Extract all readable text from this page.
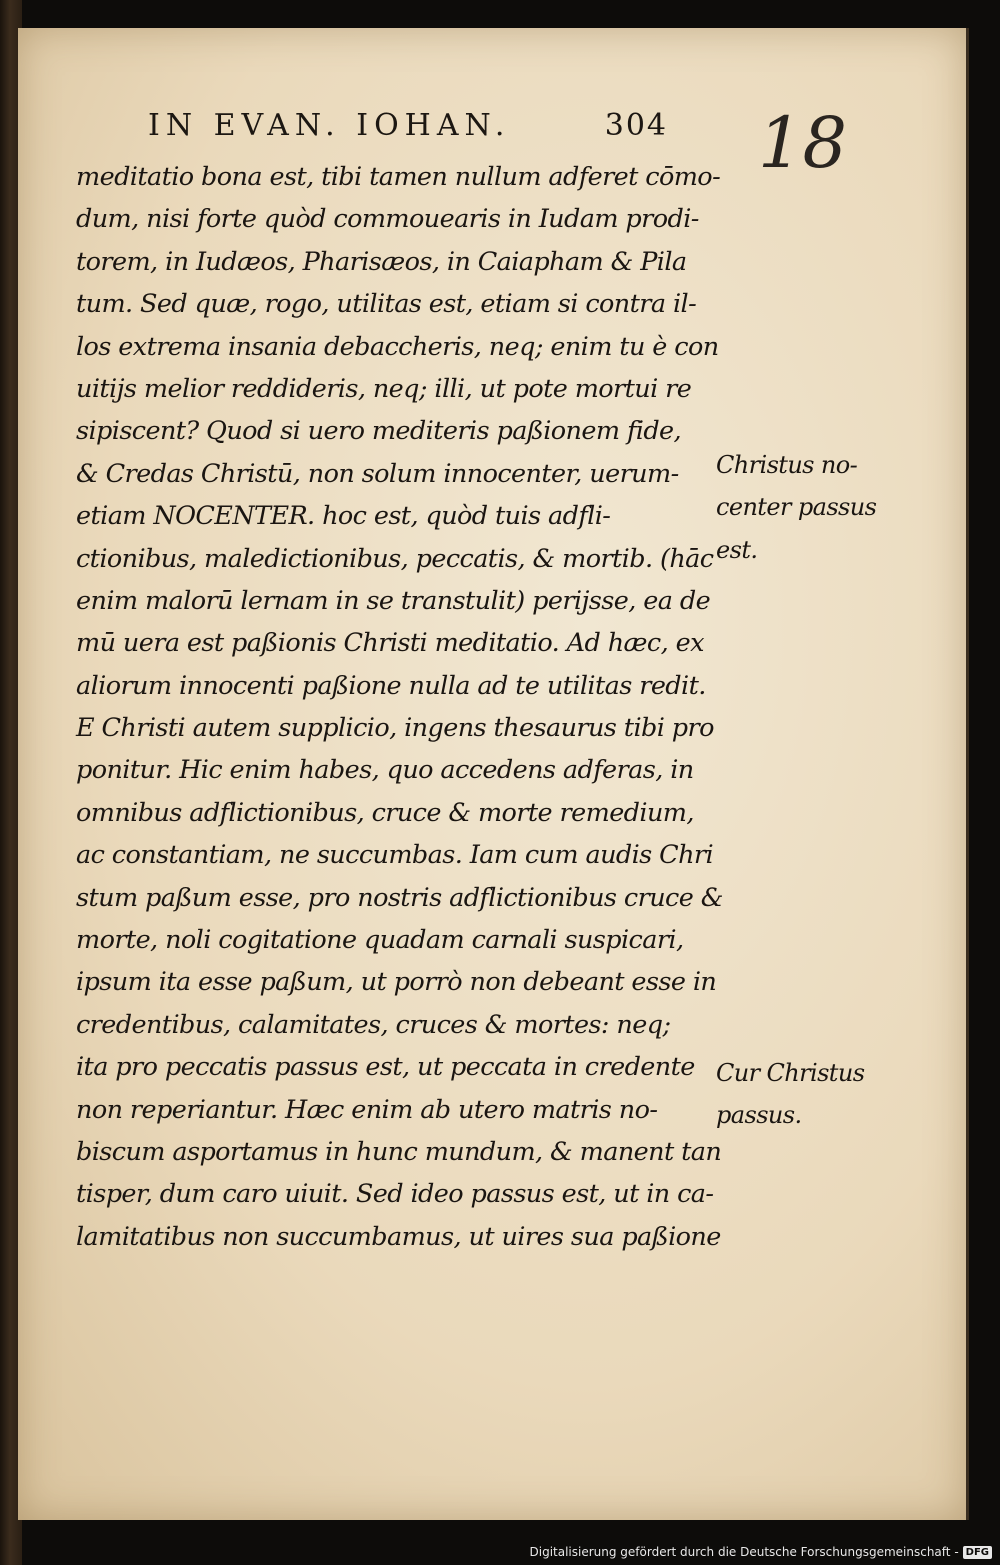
IN EVAN. IOHAN.	304 18
meditatio bona est, tibi tamen nullum adferet cōmo-
dum, nisi forte quòd commouearis in Iudam prodi-
torem, in Iudæos, Pharisæos, in Caiapham & Pila
tum. Sed quæ, rogo, utilitas est, etiam si contra il-
los extrema insania debaccheris, neq; enim tu è con
uitijs melior reddideris, neq; illi, ut pote mortui re
sipiscent? Quod si uero mediteris paßionem fide,
& Credas Christū, non solum innocenter, uerum-
etiam NOCENTER. hoc est, quòd tuis adfli-
ctionibus, maledictionibus, peccatis, & mortib. (hāc
enim malorū lernam in se transtulit) perijsse, ea de
mū uera est paßionis Christi meditatio. Ad hæc, ex
aliorum innocenti paßione nulla ad te utilitas redit.
E Christi autem supplicio, ingens thesaurus tibi pro
ponitur. Hic enim habes, quo accedens adferas, in
omnibus adflictionibus, cruce & morte remedium,
ac constantiam, ne succumbas. Iam cum audis Chri
stum paßum esse, pro nostris adflictionibus cruce &
morte, noli cogitatione quadam carnali suspicari,
ipsum ita esse paßum, ut porrò non debeant esse in
credentibus, calamitates, cruces & mortes: neq;
ita pro peccatis passus est, ut peccata in credente
non reperiantur. Hæc enim ab utero matris no-
biscum asportamus in hunc mundum, & manent tan
tisper, dum caro uiuit. Sed ideo passus est, ut in ca-
lamitatibus non succumbamus, ut uires sua paßione
Christus no-
center passus
est.
Cur Christus
passus.
Digitalisierung gefördert durch die Deutsche Forschungsgemeinschaft - DFG
